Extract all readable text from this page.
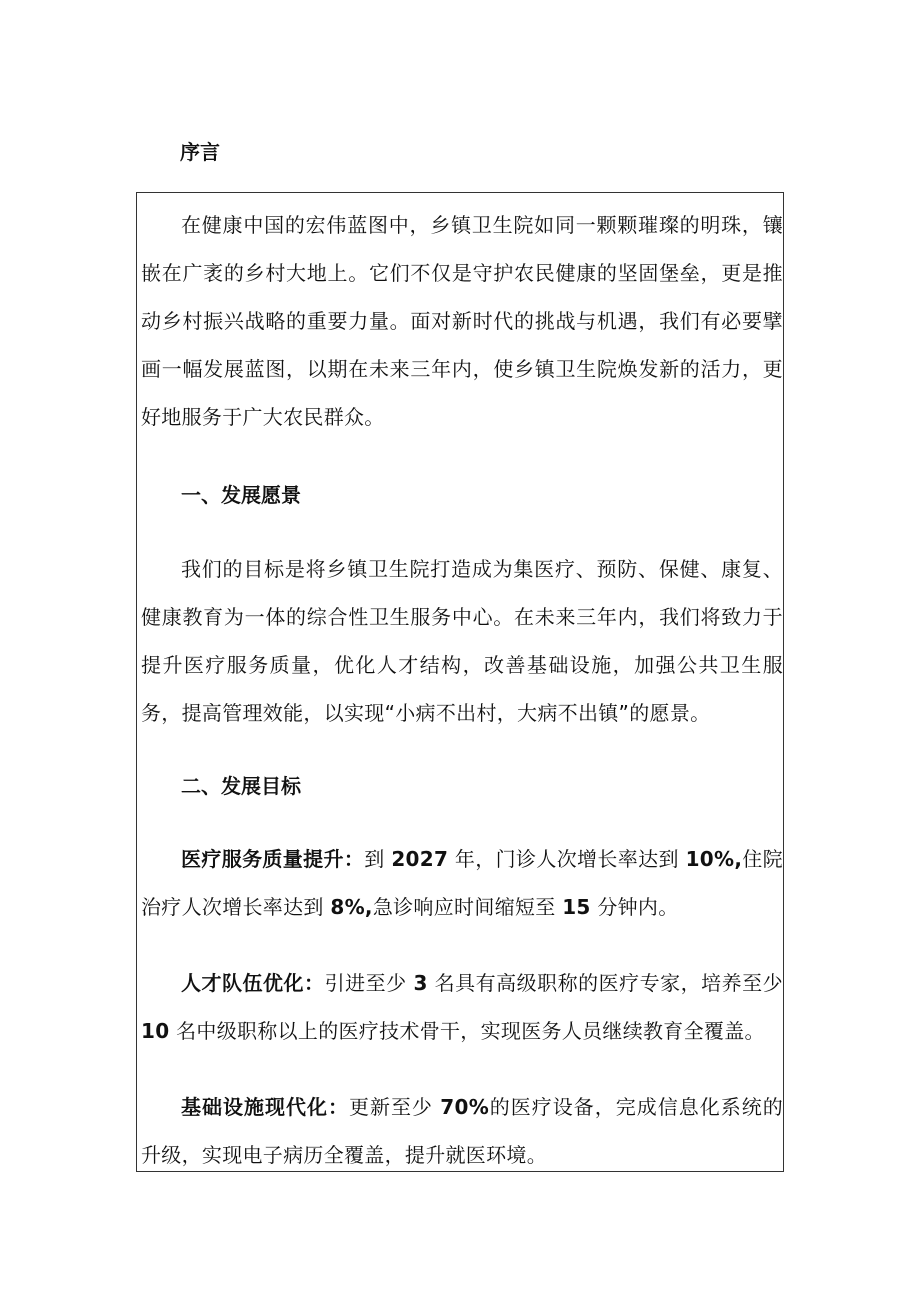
序言

在健康中国的宏伟蓝图中，乡镇卫生院如同一颗颗璀璨的明珠，镶嵌在广袤的乡村大地上。它们不仅是守护农民健康的坚固堡垒，更是推动乡村振兴战略的重要力量。面对新时代的挑战与机遇，我们有必要擘画一幅发展蓝图，以期在未来三年内，使乡镇卫生院焕发新的活力，更好地服务于广大农民群众。

一、发展愿景

我们的目标是将乡镇卫生院打造成为集医疗、预防、保健、康复、健康教育为一体的综合性卫生服务中心。在未来三年内，我们将致力于提升医疗服务质量，优化人才结构，改善基础设施，加强公共卫生服务，提高管理效能，以实现“小病不出村，大病不出镇”的愿景。

二、发展目标

医疗服务质量提升：到 2027 年，门诊人次增长率达到 10%,住院治疗人次增长率达到 8%,急诊响应时间缩短至 15 分钟内。

人才队伍优化：引进至少 3 名具有高级职称的医疗专家，培养至少 10 名中级职称以上的医疗技术骨干，实现医务人员继续教育全覆盖。

基础设施现代化：更新至少 70%的医疗设备，完成信息化系统的升级，实现电子病历全覆盖，提升就医环境。
